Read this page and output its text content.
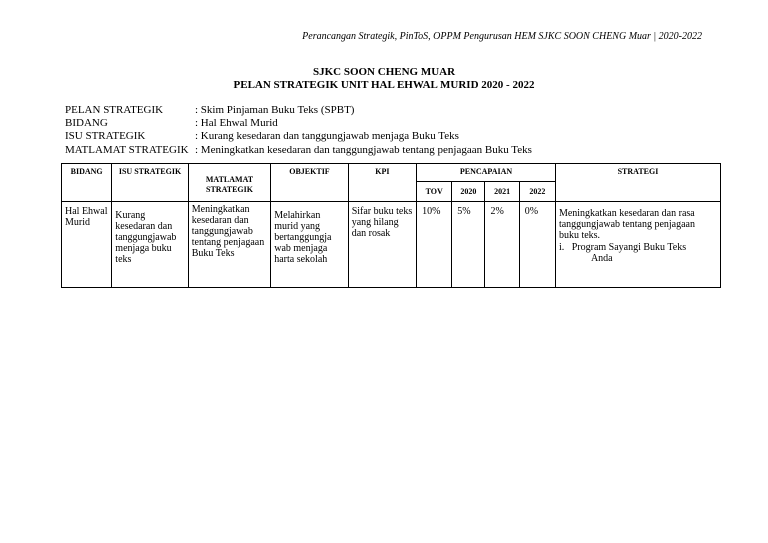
Perancangan Strategik, PinToS, OPPM Pengurusan HEM SJKC SOON CHENG Muar | 2020-2022
SJKC SOON CHENG MUAR
PELAN STRATEGIK UNIT HAL EHWAL MURID 2020 - 2022
PELAN STRATEGIK	: Skim Pinjaman Buku Teks (SPBT)
BIDANG	: Hal Ehwal Murid
ISU STRATEGIK	: Kurang kesedaran dan tanggungjawab menjaga Buku Teks
MATLAMAT STRATEGIK : Meningkatkan kesedaran dan tanggungjawab tentang penjagaan Buku Teks
BIDANG	ISU STRATEGIK	MATLAMAT STRATEGIK	OBJEKTIF	KPI	PENCAPAIAN				STRATEGI
					TOV	2020	2021	2022	
Hal Ehwal Murid	Kurang kesedaran dan tanggungjawab menjaga buku teks	Meningkatkan kesedaran dan tanggungjawab tentang penjagaan Buku Teks	Melahirkan murid yang bertanggungja wab menjaga harta sekolah	Sifar buku teks yang hilang dan rosak	10%	5%	2%	0%	Meningkatkan kesedaran dan rasa tanggungjawab tentang penjagaan buku teks.

i. Program Sayangi Buku Teks

Anda
